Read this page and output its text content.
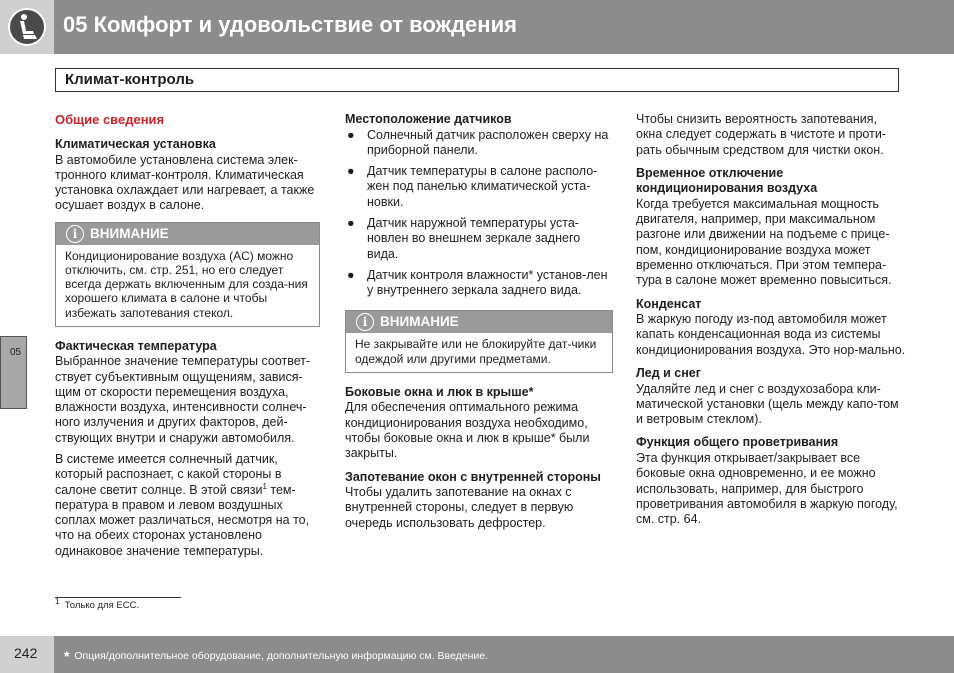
05 Комфорт и удовольствие от вождения
Климат-контроль
05
Общие сведения
Климатическая установка

В автомобиле установлена система элек-тронного климат-контроля. Климатическая установка охлаждает или нагревает, а также осушает воздух в салоне.

i ВНИМАНИЕ
Кондиционирование воздуха (AC) можно отключить, см. стр. 251, но его следует всегда держать включенным для созда-ния хорошего климата в салоне и чтобы избежать запотевания стекол.
Фактическая температура

Выбранное значение температуры соответ-ствует субъективным ощущениям, завися-щим от скорости перемещения воздуха, влажности воздуха, интенсивности солнеч-ного излучения и других факторов, дей-ствующих внутри и снаружи автомобиля.

В системе имеется солнечный датчик, который распознает, с какой стороны в салоне светит солнце. В этой связи$^1$ тем-пература в правом и левом воздушных соплах может различаться, несмотря на то, что на обеих сторонах установлено одинаковое значение температуры.

Местоположение датчиков
● Солнечный датчик расположен сверху на приборной панели.
● Датчик температуры в салоне располо-жен под панелью климатической уста-новки.
● Датчик наружной температуры уста-новлен во внешнем зеркале заднего вида.
● Датчик контроля влажности* установ-лен у внутреннего зеркала заднего вида.
i ВНИМАНИЕ
Не закрывайте или не блокируйте дат-чики одеждой или другими предметами.
Боковые окна и люк в крыше*

Для обеспечения оптимального режима кондиционирования воздуха необходимо, чтобы боковые окна и люк в крыше* были закрыты.

Запотевание окон с внутренней стороны

Чтобы удалить запотевание на окнах с внутренней стороны, следует в первую очередь использовать дефростер.

Чтобы снизить вероятность запотевания, окна следует содержать в чистоте и проти-рать обычным средством для чистки окон.

Временное отключение кондиционирования воздуха

Когда требуется максимальная мощность двигателя, например, при максимальном разгоне или движении на подъеме с прице-пом, кондиционирование воздуха может временно отключаться. При этом темпера-тура в салоне может временно повыситься.

Конденсат

В жаркую погоду из-под автомобиля может капать конденсационная вода из системы кондиционирования воздуха. Это нор-мально.

Лед и снег

Удаляйте лед и снег с воздухозабора кли-матической установки (щель между капо-том и ветровым стеклом).

Функция общего проветривания

Эта функция открывает/закрывает все боковые окна одновременно, и ее можно использовать, например, для быстрого проветривания автомобиля в жаркую погоду, см. стр. 64.

$^1$ Только для ECC.
* Опция/дополнительное оборудование, дополнительную информацию см. Введение.
242
